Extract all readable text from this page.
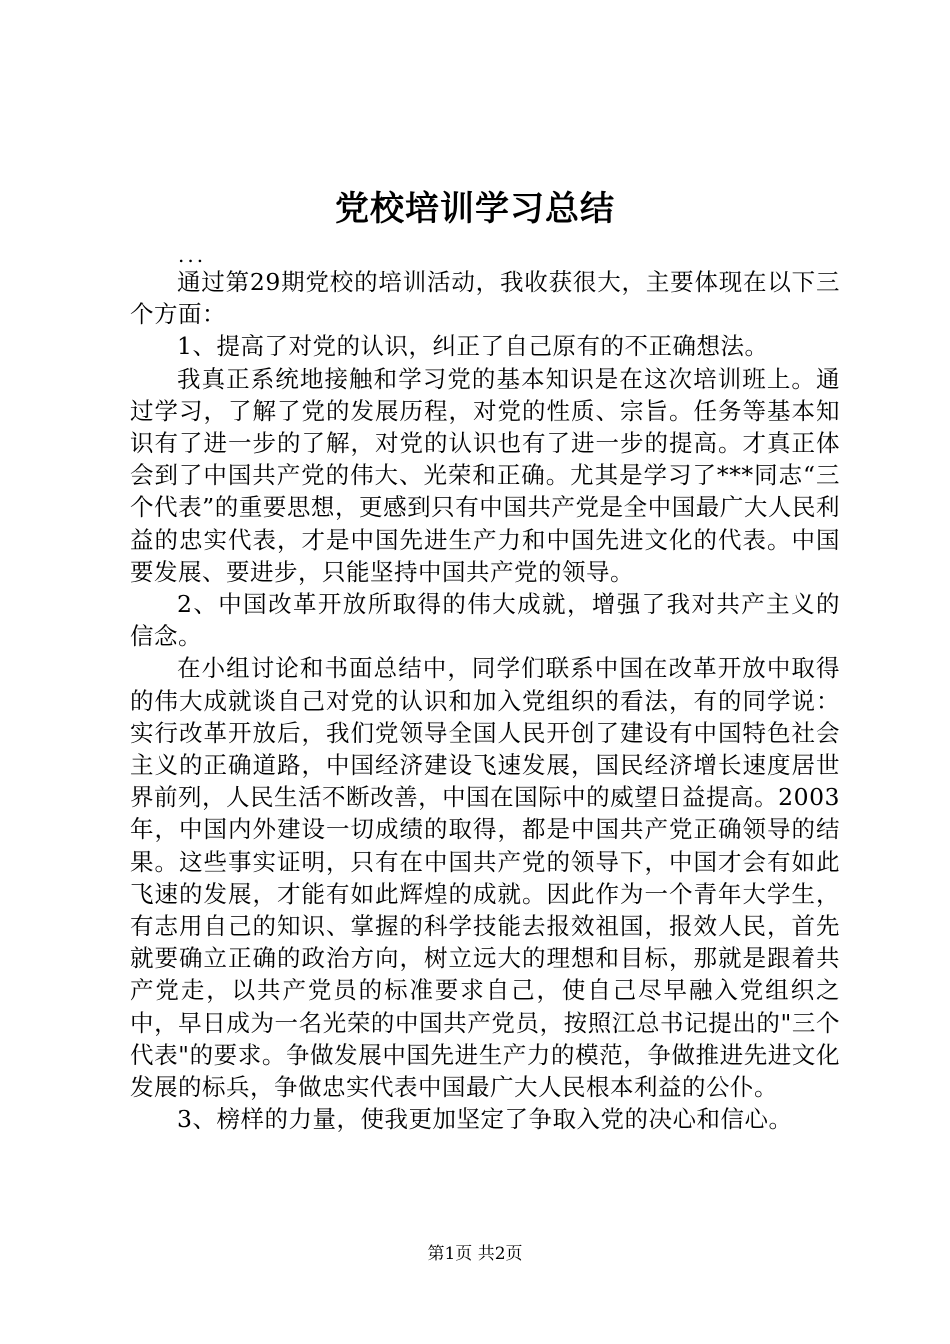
党校培训学习总结
...

通过第29期党校的培训活动，我收获很大，主要体现在以下三个方面：

1、提高了对党的认识，纠正了自己原有的不正确想法。

我真正系统地接触和学习党的基本知识是在这次培训班上。通过学习，了解了党的发展历程，对党的性质、宗旨。任务等基本知识有了进一步的了解，对党的认识也有了进一步的提高。才真正体会到了中国共产党的伟大、光荣和正确。尤其是学习了***同志“三个代表”的重要思想，更感到只有中国共产党是全中国最广大人民利益的忠实代表，才是中国先进生产力和中国先进文化的代表。中国要发展、要进步，只能坚持中国共产党的领导。

2、中国改革开放所取得的伟大成就，增强了我对共产主义的信念。

在小组讨论和书面总结中，同学们联系中国在改革开放中取得的伟大成就谈自己对党的认识和加入党组织的看法，有的同学说：实行改革开放后，我们党领导全国人民开创了建设有中国特色社会主义的正确道路，中国经济建设飞速发展，国民经济增长速度居世界前列，人民生活不断改善，中国在国际中的威望日益提高。2003年，中国内外建设一切成绩的取得，都是中国共产党正确领导的结果。这些事实证明，只有在中国共产党的领导下，中国才会有如此飞速的发展，才能有如此辉煌的成就。因此作为一个青年大学生，有志用自己的知识、掌握的科学技能去报效祖国，报效人民，首先就要确立正确的政治方向，树立远大的理想和目标，那就是跟着共产党走，以共产党员的标准要求自己，使自己尽早融入党组织之中，早日成为一名光荣的中国共产党员，按照江总书记提出的"三个代表"的要求。争做发展中国先进生产力的模范，争做推进先进文化发展的标兵，争做忠实代表中国最广大人民根本利益的公仆。

3、榜样的力量，使我更加坚定了争取入党的决心和信心。

第1页 共2页
